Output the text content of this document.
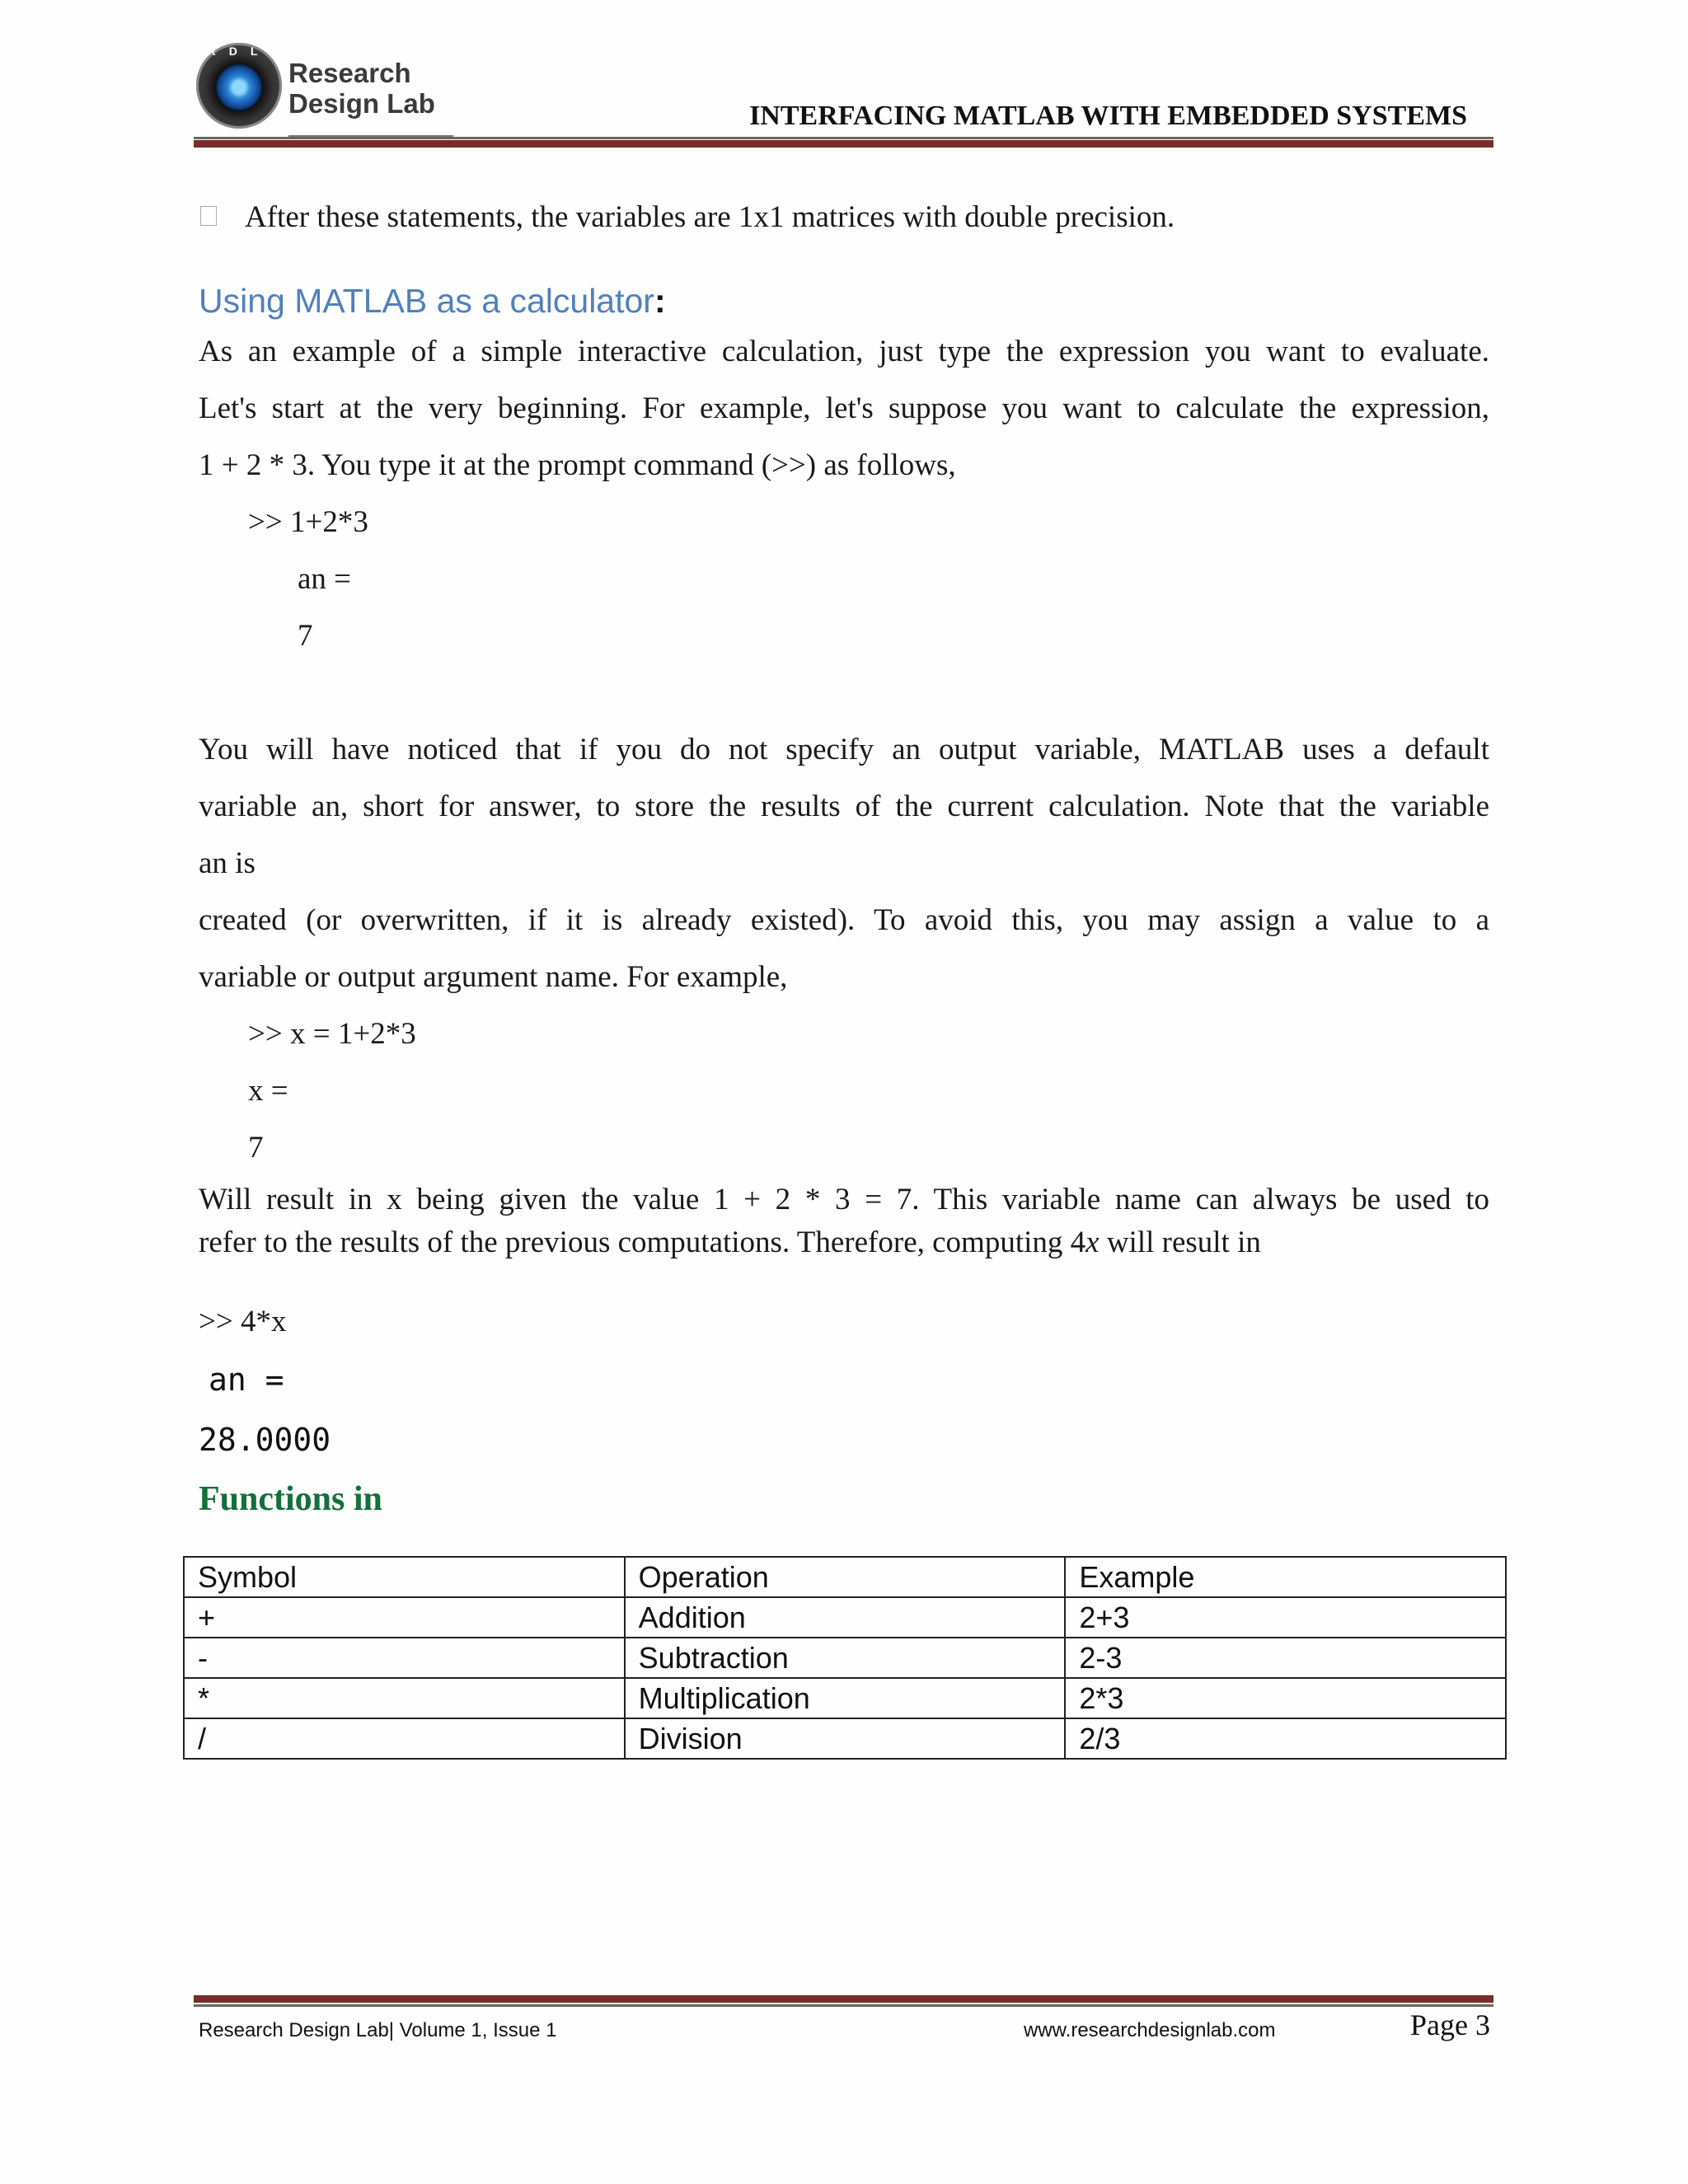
RDL
Research
Design Lab	INTERFACING MATLAB WITH EMBEDDED SYSTEMS
After these statements, the variables are 1x1 matrices with double precision.
Using MATLAB as a calculator:
As an example of a simple interactive calculation, just type the expression you want to evaluate.
Let's start at the very beginning. For example, let's suppose you want to calculate the expression,
1 + 2 * 3. You type it at the prompt command (>>) as follows,
>> 1+2*3
an =
7
You will have noticed that if you do not specify an output variable, MATLAB uses a default
variable an, short for answer, to store the results of the current calculation. Note that the variable
an is
created (or overwritten, if it is already existed). To avoid this, you may assign a value to a
variable or output argument name. For example,
>> x = 1+2*3
x =
7
Will result in x being given the value 1 + 2 * 3 = 7. This variable name can always be used to
refer to the results of the previous computations. Therefore, computing 4x will result in
>> 4*x
an =
28.0000
Functions in
Symbol	Operation	Example
+	Addition	2+3
-	Subtraction	2-3
*	Multiplication	2*3
/	Division	2/3
Research Design Lab| Volume 1, Issue 1	www.researchdesignlab.com	Page 3
